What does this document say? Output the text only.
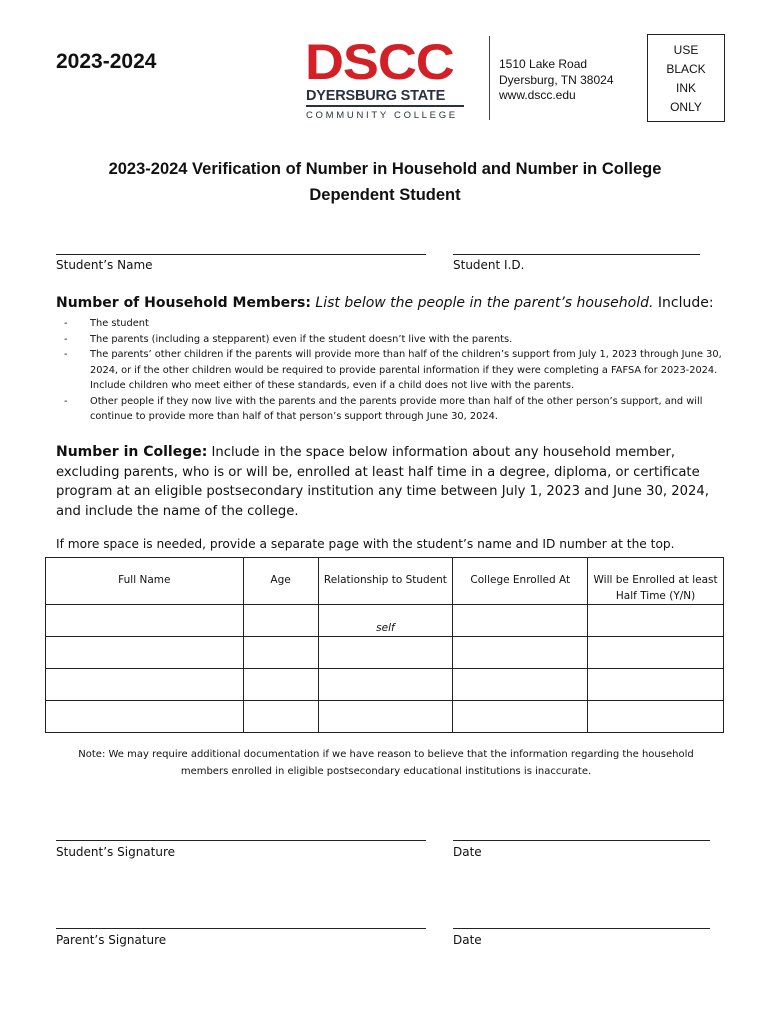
2023-2024	DSCC
DYERSBURG STATE
COMMUNITY COLLEGE
1510 Lake Road
Dyersburg, TN 38024
www.dscc.edu
USE
BLACK
INK
ONLY
2023-2024 Verification of Number in Household and Number in College
Dependent Student
Student’s Name	Student I.D.
Number of Household Members: List below the people in the parent’s household. Include:
-	The student
-	The parents (including a stepparent) even if the student doesn’t live with the parents.
-	The parents’ other children if the parents will provide more than half of the children’s support from July 1, 2023 through June 30, 2024, or if the other children would be required to provide parental information if they were completing a FAFSA for 2023-2024. Include children who meet either of these standards, even if a child does not live with the parents.
-	Other people if they now live with the parents and the parents provide more than half of the other person’s support, and will continue to provide more than half of that person’s support through June 30, 2024.
Number in College: Include in the space below information about any household member, excluding parents, who is or will be, enrolled at least half time in a degree, diploma, or certificate program at an eligible postsecondary institution any time between July 1, 2023 and June 30, 2024, and include the name of the college.
If more space is needed, provide a separate page with the student’s name and ID number at the top.
Full Name	Age	Relationship to Student	College Enrolled At	Will be Enrolled at least Half Time (Y/N)
		self		

Note: We may require additional documentation if we have reason to believe that the information regarding the household members enrolled in eligible postsecondary educational institutions is inaccurate.
Student’s Signature	Date
Parent’s Signature	Date
